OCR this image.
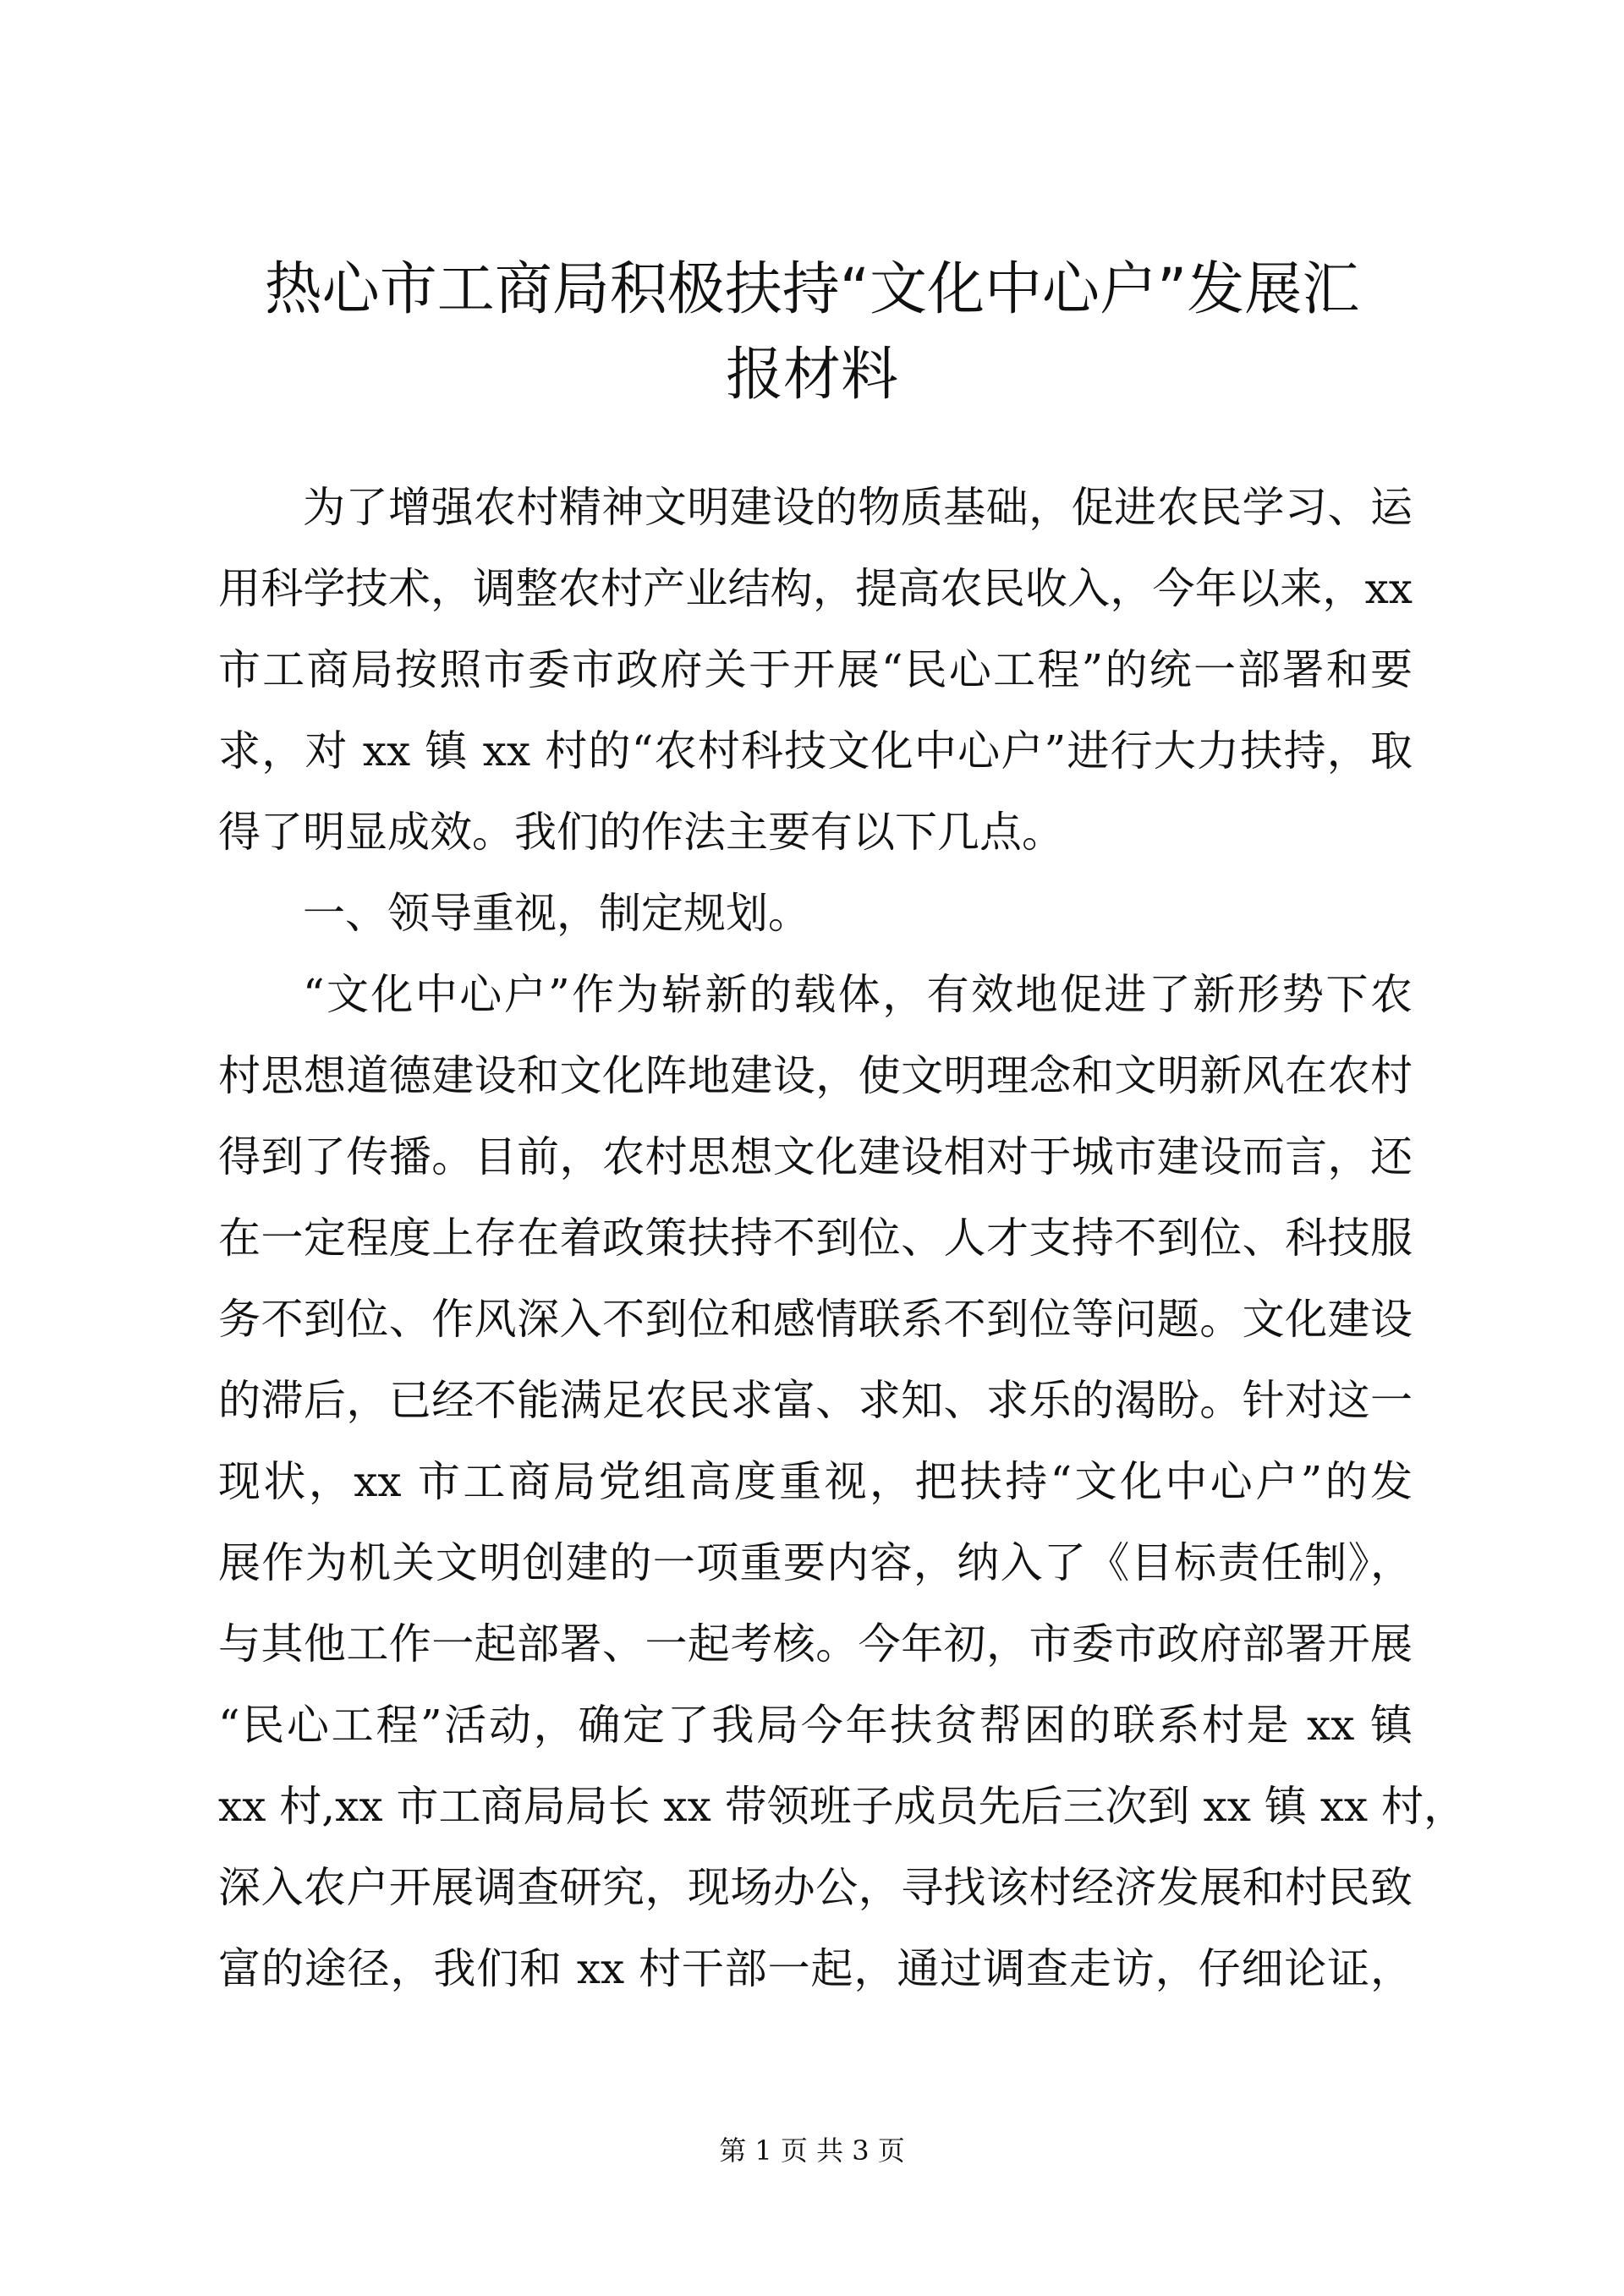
热心市工商局积极扶持“文化中心户”发展汇
报材料
为了增强农村精神文明建设的物质基础，促进农民学习、运
用科学技术，调整农村产业结构，提高农民收入，今年以来，xx
市工商局按照市委市政府关于开展“民心工程”的统一部署和要
求，对 xx 镇 xx 村的“农村科技文化中心户”进行大力扶持，取
得了明显成效。我们的作法主要有以下几点。
一、领导重视，制定规划。
“文化中心户”作为崭新的载体，有效地促进了新形势下农
村思想道德建设和文化阵地建设，使文明理念和文明新风在农村
得到了传播。目前，农村思想文化建设相对于城市建设而言，还
在一定程度上存在着政策扶持不到位、人才支持不到位、科技服
务不到位、作风深入不到位和感情联系不到位等问题。文化建设
的滞后，已经不能满足农民求富、求知、求乐的渴盼。针对这一
现状，xx 市工商局党组高度重视，把扶持“文化中心户”的发
展作为机关文明创建的一项重要内容，纳入了《目标责任制》，
与其他工作一起部署、一起考核。今年初，市委市政府部署开展
“民心工程”活动，确定了我局今年扶贫帮困的联系村是 xx 镇
xx 村,xx 市工商局局长 xx 带领班子成员先后三次到 xx 镇 xx 村，
深入农户开展调查研究，现场办公，寻找该村经济发展和村民致
富的途径，我们和 xx 村干部一起，通过调查走访，仔细论证，
第 1 页 共 3 页
